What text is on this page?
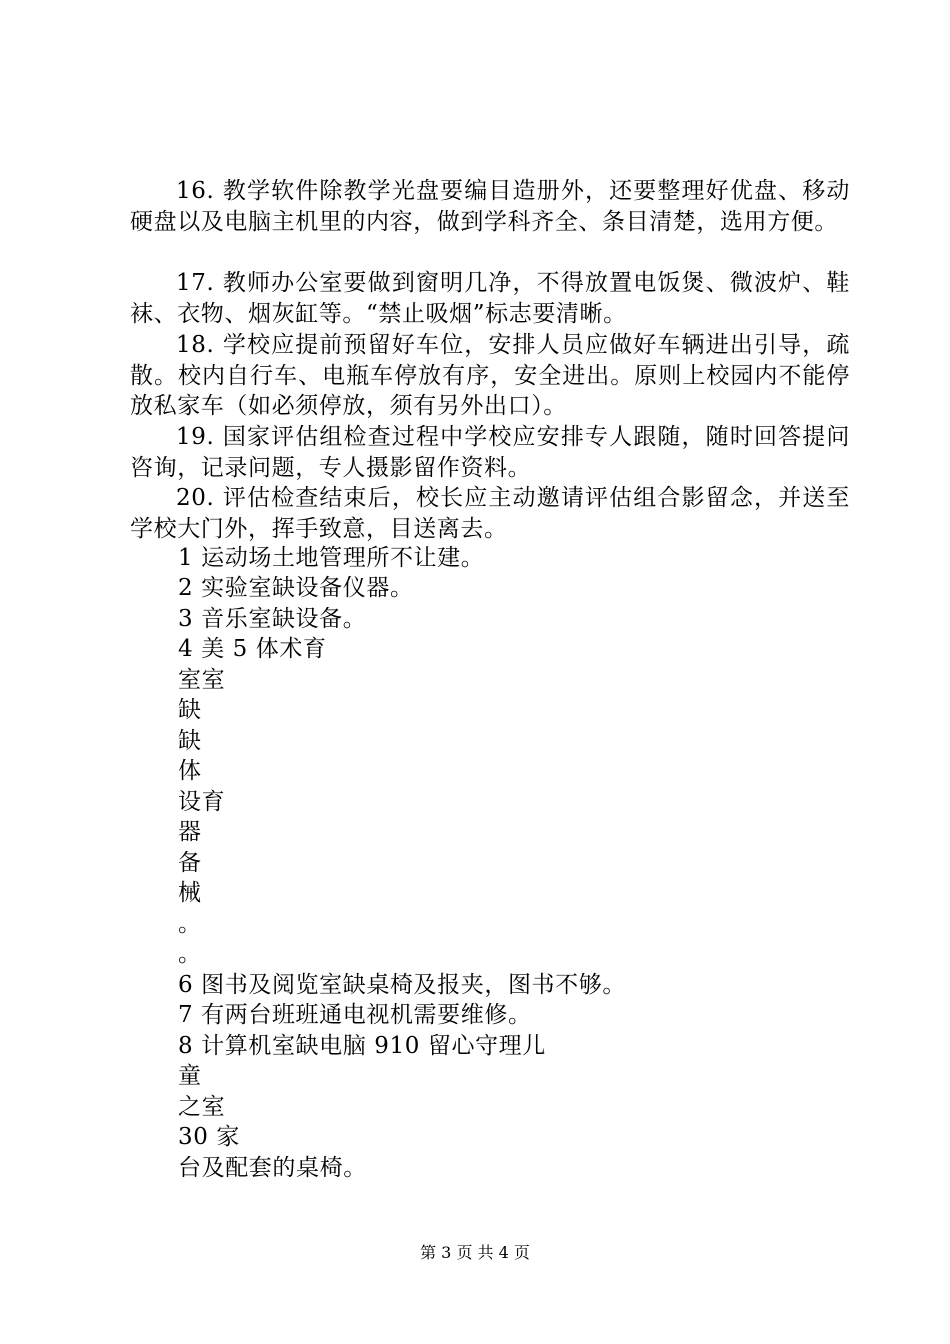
16. 教学软件除教学光盘要编目造册外，还要整理好优盘、移动硬盘以及电脑主机里的内容，做到学科齐全、条目清楚，选用方便。
17. 教师办公室要做到窗明几净，不得放置电饭煲、微波炉、鞋袜、衣物、烟灰缸等。“禁止吸烟”标志要清晰。
18. 学校应提前预留好车位，安排人员应做好车辆进出引导，疏散。校内自行车、电瓶车停放有序，安全进出。原则上校园内不能停放私家车（如必须停放，须有另外出口）。
19. 国家评估组检查过程中学校应安排专人跟随，随时回答提问咨询，记录问题，专人摄影留作资料。
20. 评估检查结束后，校长应主动邀请评估组合影留念，并送至学校大门外，挥手致意，目送离去。
1 运动场土地管理所不让建。
2 实验室缺设备仪器。
3 音乐室缺设备。
4 美 5 体术育
室室
缺
缺
体
设育
器
备
械
。
。
6 图书及阅览室缺桌椅及报夹，图书不够。
7 有两台班班通电视机需要维修。
8 计算机室缺电脑 910 留心守理儿
童
之室
30 家
台及配套的桌椅。
第 3 页 共 4 页
